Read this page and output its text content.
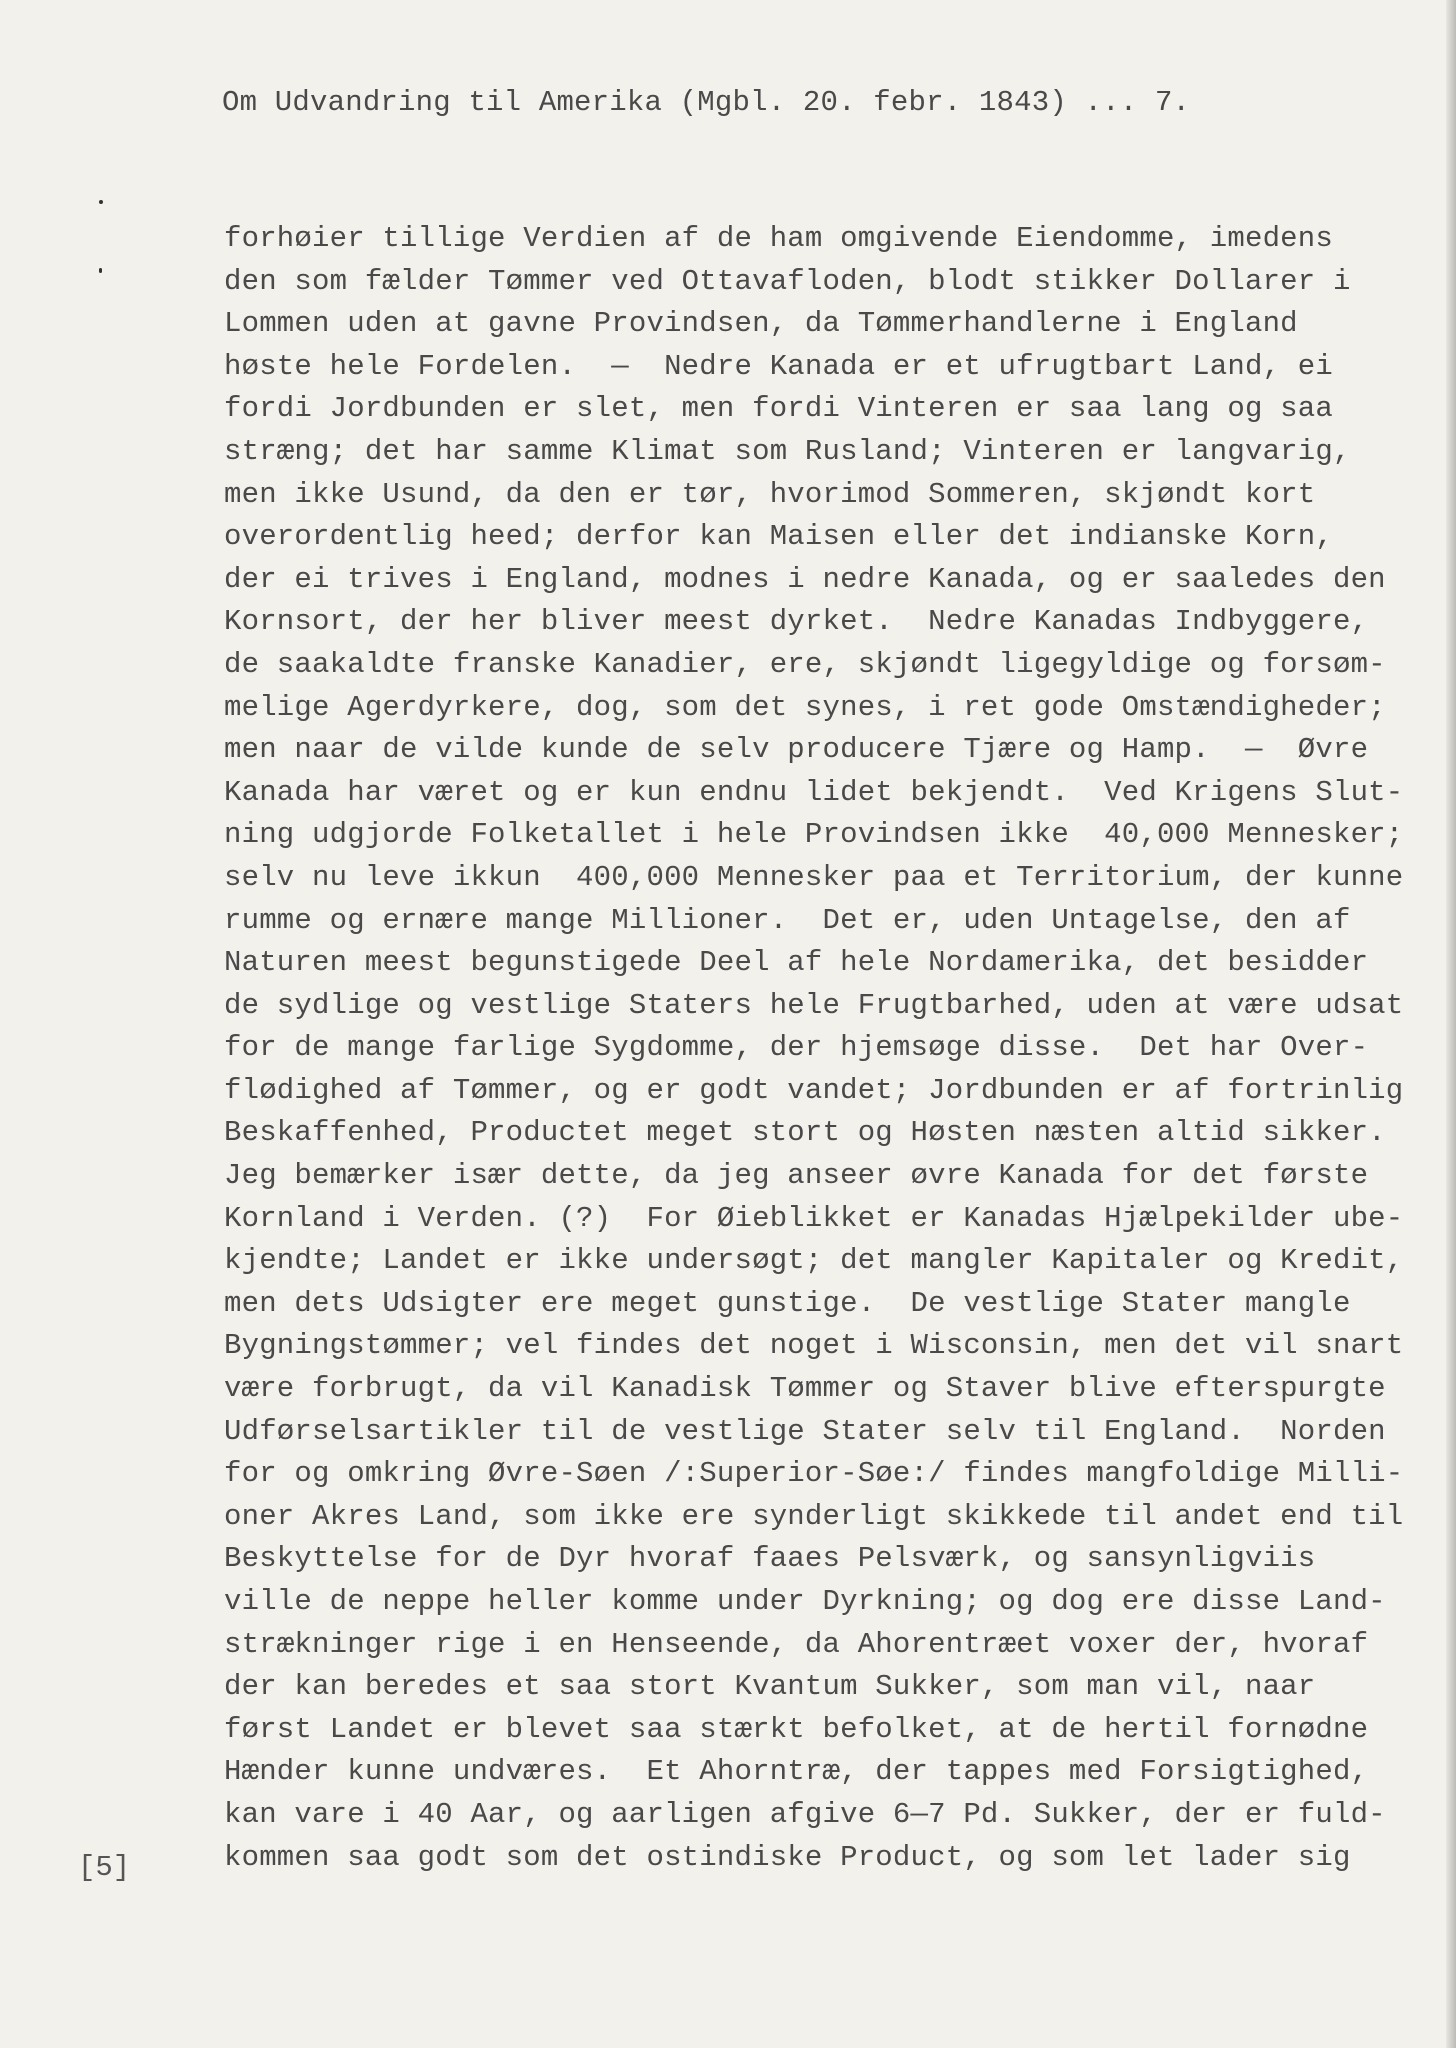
Om Udvandring til Amerika (Mgbl. 20. febr. 1843) ... 7.
forhøier tillige Verdien af de ham omgivende Eiendomme, imedens
den som fælder Tømmer ved Ottavafloden, blodt stikker Dollarer i
Lommen uden at gavne Provindsen, da Tømmerhandlerne i England
høste hele Fordelen.  —  Nedre Kanada er et ufrugtbart Land, ei
fordi Jordbunden er slet, men fordi Vinteren er saa lang og saa
stræng; det har samme Klimat som Rusland; Vinteren er langvarig,
men ikke Usund, da den er tør, hvorimod Sommeren, skjøndt kort
overordentlig heed; derfor kan Maisen eller det indianske Korn,
der ei trives i England, modnes i nedre Kanada, og er saaledes den
Kornsort, der her bliver meest dyrket.  Nedre Kanadas Indbyggere,
de saakaldte franske Kanadier, ere, skjøndt ligegyldige og forsøm-
melige Agerdyrkere, dog, som det synes, i ret gode Omstændigheder;
men naar de vilde kunde de selv producere Tjære og Hamp.  —  Øvre
Kanada har været og er kun endnu lidet bekjendt.  Ved Krigens Slut-
ning udgjorde Folketallet i hele Provindsen ikke  40,000 Mennesker;
selv nu leve ikkun  400,000 Mennesker paa et Territorium, der kunne
rumme og ernære mange Millioner.  Det er, uden Untagelse, den af
Naturen meest begunstigede Deel af hele Nordamerika, det besidder
de sydlige og vestlige Staters hele Frugtbarhed, uden at være udsat
for de mange farlige Sygdomme, der hjemsøge disse.  Det har Over-
flødighed af Tømmer, og er godt vandet; Jordbunden er af fortrinlig
Beskaffenhed, Productet meget stort og Høsten næsten altid sikker.
Jeg bemærker især dette, da jeg anseer øvre Kanada for det første
Kornland i Verden. (?)  For Øieblikket er Kanadas Hjælpekilder ube-
kjendte; Landet er ikke undersøgt; det mangler Kapitaler og Kredit,
men dets Udsigter ere meget gunstige.  De vestlige Stater mangle
Bygningstømmer; vel findes det noget i Wisconsin, men det vil snart
være forbrugt, da vil Kanadisk Tømmer og Staver blive efterspurgte
Udførselsartikler til de vestlige Stater selv til England.  Norden
for og omkring Øvre-Søen /:Superior-Søe:/ findes mangfoldige Milli-
oner Akres Land, som ikke ere synderligt skikkede til andet end til
Beskyttelse for de Dyr hvoraf faaes Pelsværk, og sansynligviis
ville de neppe heller komme under Dyrkning; og dog ere disse Land-
strækninger rige i en Henseende, da Ahorentræet voxer der, hvoraf
der kan beredes et saa stort Kvantum Sukker, som man vil, naar
først Landet er blevet saa stærkt befolket, at de hertil fornødne
Hænder kunne undværes.  Et Ahorntræ, der tappes med Forsigtighed,
kan vare i 40 Aar, og aarligen afgive 6—7 Pd. Sukker, der er fuld-
kommen saa godt som det ostindiske Product, og som let lader sig
[5]
